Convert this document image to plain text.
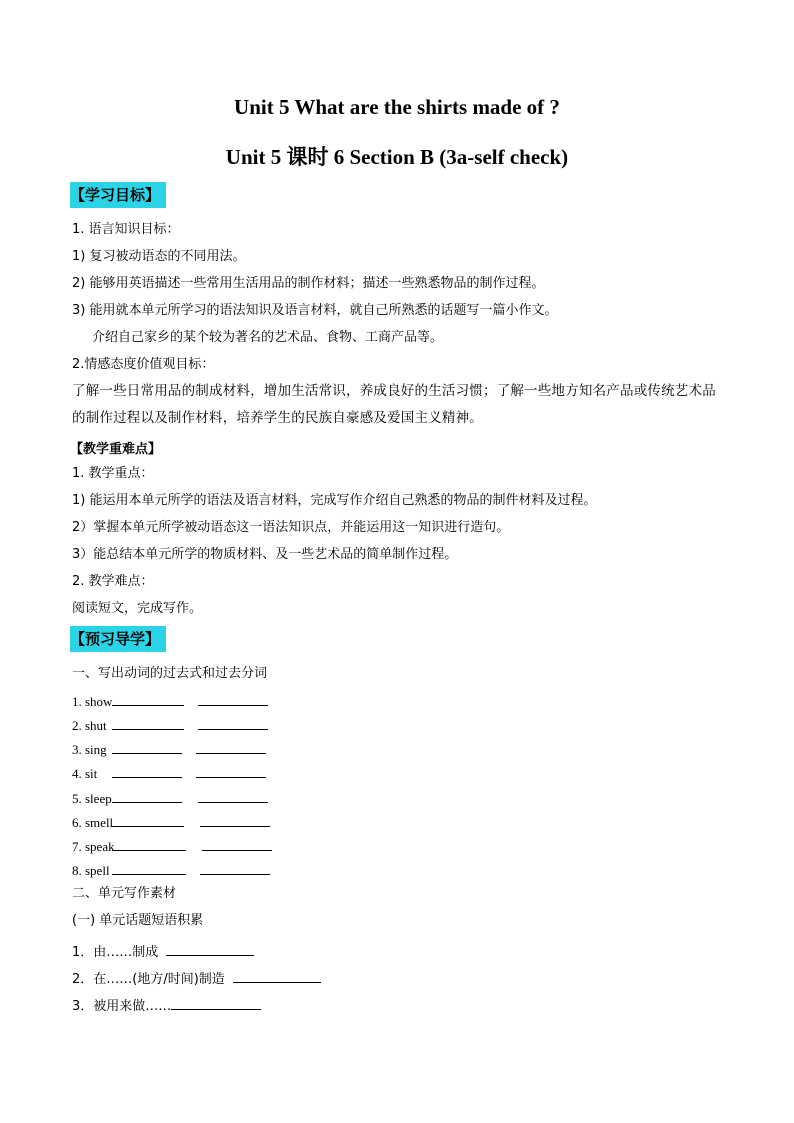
Unit 5 What are the shirts made of ?
Unit 5 课时 6 Section B (3a-self check)
【学习目标】
1. 语言知识目标：
1) 复习被动语态的不同用法。
2) 能够用英语描述一些常用生活用品的制作材料；描述一些熟悉物品的制作过程。
3) 能用就本单元所学习的语法知识及语言材料，就自己所熟悉的话题写一篇小作文。
介绍自己家乡的某个较为著名的艺术品、食物、工商产品等。
2.情感态度价值观目标：
了解一些日常用品的制成材料，增加生活常识，养成良好的生活习惯；了解一些地方知名产品或传统艺术品的制作过程以及制作材料，培养学生的民族自豪感及爱国主义精神。
【教学重难点】
1. 教学重点：
1) 能运用本单元所学的语法及语言材料，完成写作介绍自己熟悉的物品的制件材料及过程。
2）掌握本单元所学被动语态这一语法知识点，并能运用这一知识进行造句。
3）能总结本单元所学的物质材料、及一些艺术品的简单制作过程。
2. 教学难点：
阅读短文，完成写作。
【预习导学】
一、写出动词的过去式和过去分词
1. show
2. shut
3. sing
4. sit
5. sleep
6. smell
7. speak
8. spell
二、单元写作素材
(一) 单元话题短语积累
1．由……制成
2．在……(地方/时间)制造
3．被用来做……
